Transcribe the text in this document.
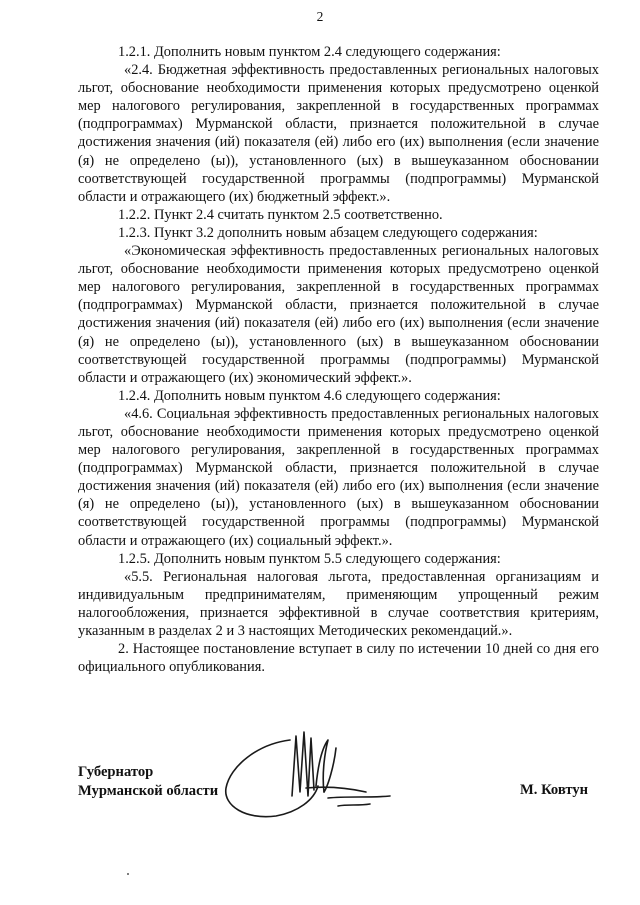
2

1.2.1. Дополнить новым пунктом 2.4 следующего содержания:

«2.4. Бюджетная эффективность предоставленных региональных налоговых льгот, обоснование необходимости применения которых предусмотрено оценкой мер налогового регулирования, закрепленной в государственных программах (подпрограммах) Мурманской области, признается положительной в случае достижения значения (ий) показателя (ей) либо его (их) выполнения (если значение (я) не определено (ы)), установленного (ых) в вышеуказанном обосновании соответствующей государственной программы (подпрограммы) Мурманской области и отражающего (их) бюджетный эффект.».

1.2.2. Пункт 2.4 считать пунктом 2.5 соответственно.

1.2.3. Пункт 3.2 дополнить новым абзацем следующего содержания:

«Экономическая эффективность предоставленных региональных налоговых льгот, обоснование необходимости применения которых предусмотрено оценкой мер налогового регулирования, закрепленной в государственных программах (подпрограммах) Мурманской области, признается положительной в случае достижения значения (ий) показателя (ей) либо его (их) выполнения (если значение (я) не определено (ы)), установленного (ых) в вышеуказанном обосновании соответствующей государственной программы (подпрограммы) Мурманской области и отражающего (их) экономический эффект.».

1.2.4. Дополнить новым пунктом 4.6 следующего содержания:

«4.6. Социальная эффективность предоставленных региональных налоговых льгот, обоснование необходимости применения которых предусмотрено оценкой мер налогового регулирования, закрепленной в государственных программах (подпрограммах) Мурманской области, признается положительной в случае достижения значения (ий) показателя (ей) либо его (их) выполнения (если значение (я) не определено (ы)), установленного (ых) в вышеуказанном обосновании соответствующей государственной программы (подпрограммы) Мурманской области и отражающего (их) социальный эффект.».

1.2.5. Дополнить новым пунктом 5.5 следующего содержания:

«5.5. Региональная налоговая льгота, предоставленная организациям и индивидуальным предпринимателям, применяющим упрощенный режим налогообложения, признается эффективной в случае соответствия критериям, указанным в разделах 2 и 3 настоящих Методических рекомендаций.».

2. Настоящее постановление вступает в силу по истечении 10 дней со дня его официального опубликования.

Губернатор
Мурманской области	М. Ковтун
